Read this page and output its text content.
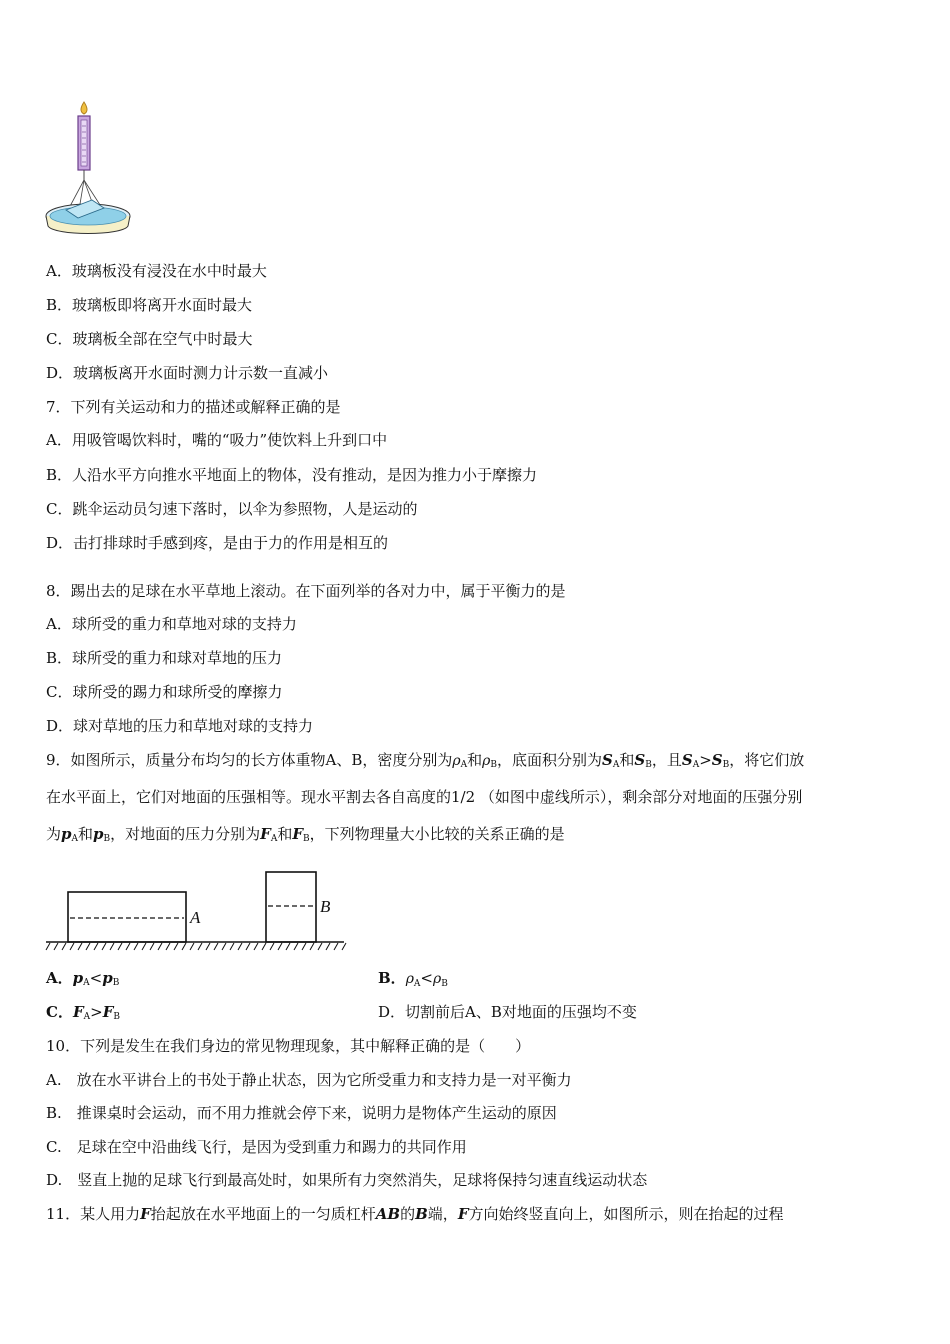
A．玻璃板没有浸没在水中时最大
B．玻璃板即将离开水面时最大
C．玻璃板全部在空气中时最大
D．玻璃板离开水面时测力计示数一直减小
7．下列有关运动和力的描述或解释正确的是
A．用吸管喝饮料时，嘴的“吸力”使饮料上升到口中
B．人沿水平方向推水平地面上的物体，没有推动，是因为推力小于摩擦力
C．跳伞运动员匀速下落时，以伞为参照物，人是运动的
D．击打排球时手感到疼，是由于力的作用是相互的
8．踢出去的足球在水平草地上滚动。在下面列举的各对力中，属于平衡力的是
A．球所受的重力和草地对球的支持力
B．球所受的重力和球对草地的压力
C．球所受的踢力和球所受的摩擦力
D．球对草地的压力和草地对球的支持力
9．如图所示，质量分布均匀的长方体重物A、B，密度分别为$\rho_A$和$\rho_B$，底面积分别为$S_A$和$S_B$，且$S_A>S_B$，将它们放
在水平面上，它们对地面的压强相等。现水平割去各自高度的1/2 （如图中虚线所示），剩余部分对地面的压强分别
为$p_A$和$p_B$，对地面的压力分别为$F_A$和$F_B$，下列物理量大小比较的关系正确的是
A
B
A．$p_A<p_B$	B．$\rho_A<\rho_B$
C．$F_A>F_B$	D．切割前后A、B对地面的压强均不变
10．下列是发生在我们身边的常见物理现象，其中解释正确的是（　　）
A.　放在水平讲台上的书处于静止状态，因为它所受重力和支持力是一对平衡力
B.　推课桌时会运动，而不用力推就会停下来，说明力是物体产生运动的原因
C.　足球在空中沿曲线飞行，是因为受到重力和踢力的共同作用
D.　竖直上抛的足球飞行到最高处时，如果所有力突然消失，足球将保持匀速直线运动状态
11．某人用力F抬起放在水平地面上的一匀质杠杆AB的B端，F方向始终竖直向上，如图所示，则在抬起的过程
